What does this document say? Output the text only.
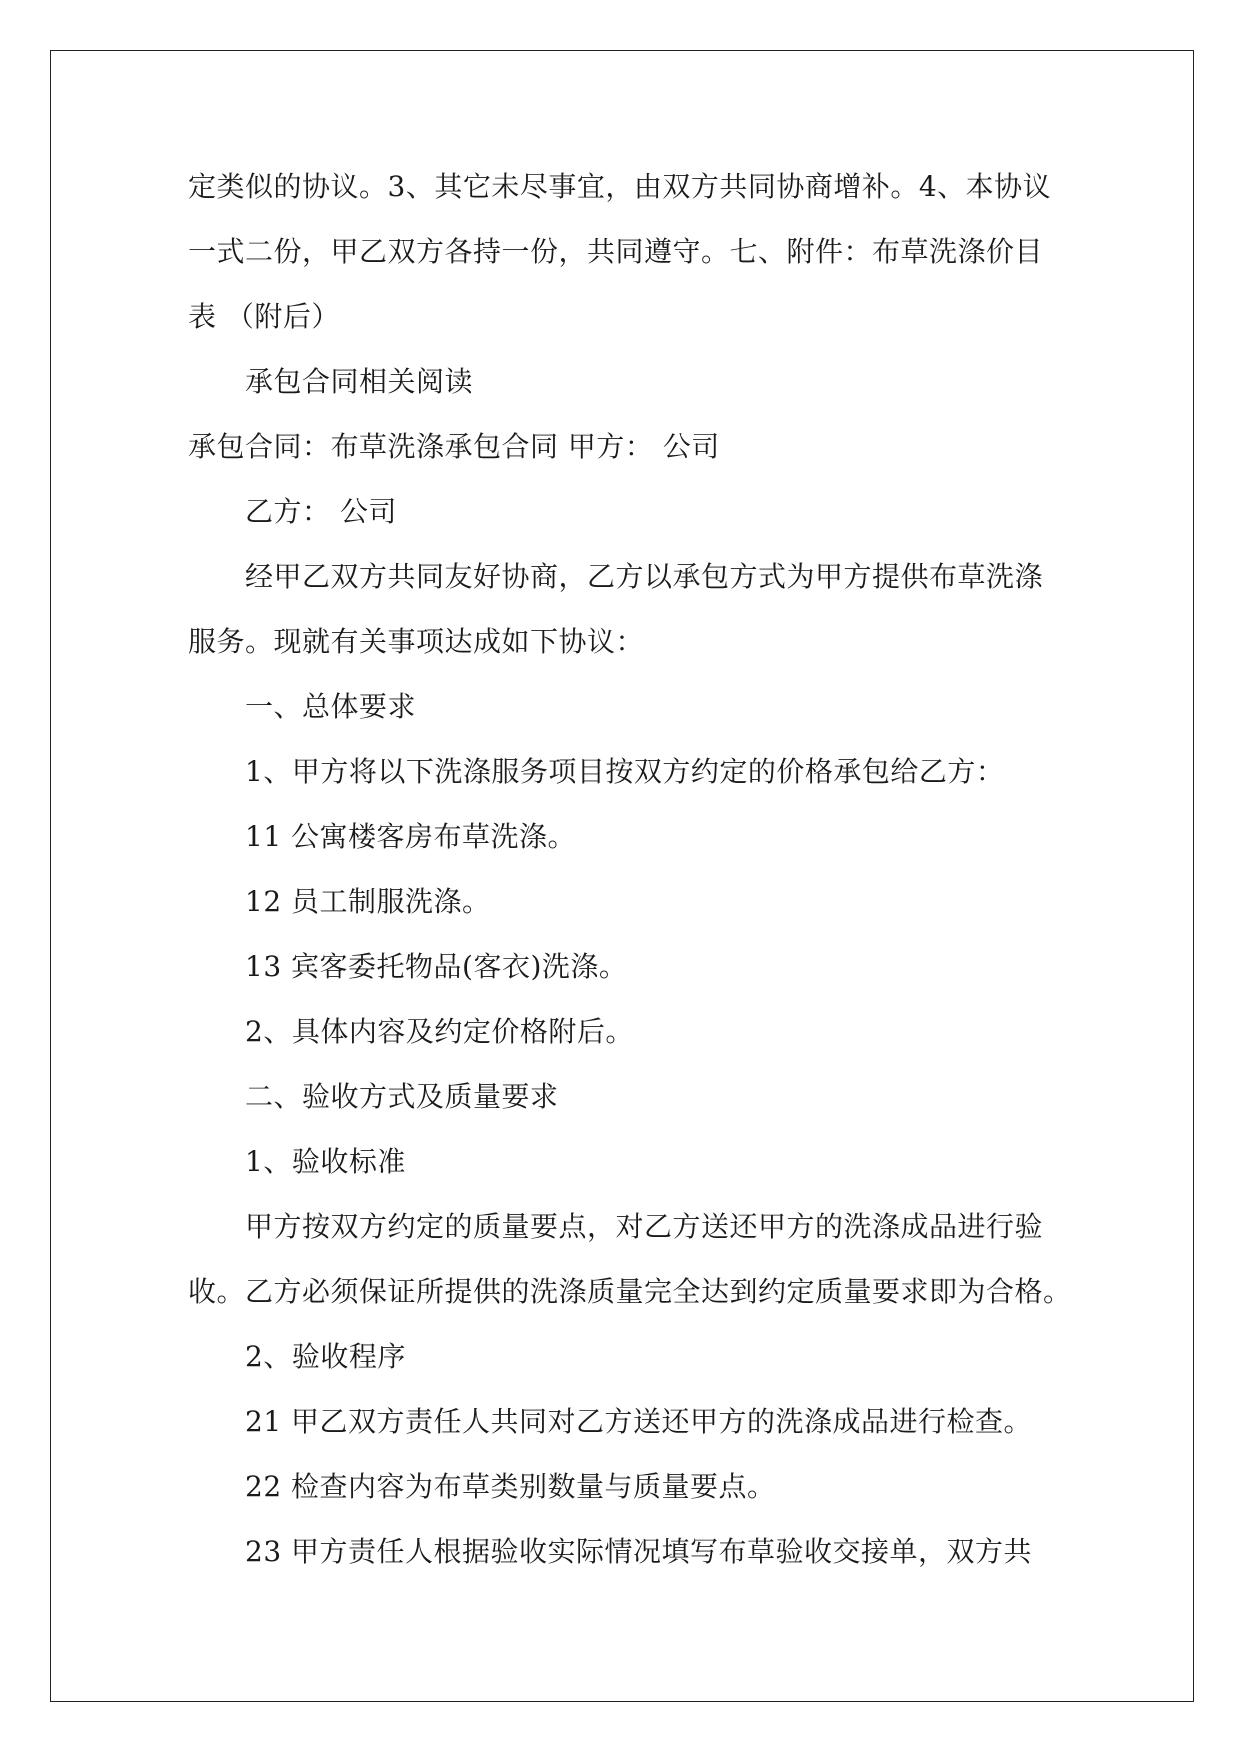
定类似的协议。3、其它未尽事宜，由双方共同协商增补。4、本协议
一式二份，甲乙双方各持一份，共同遵守。七、附件：布草洗涤价目
表 （附后）
承包合同相关阅读
承包合同：布草洗涤承包合同 甲方： 公司
乙方： 公司
经甲乙双方共同友好协商，乙方以承包方式为甲方提供布草洗涤
服务。现就有关事项达成如下协议：
一、总体要求
1、甲方将以下洗涤服务项目按双方约定的价格承包给乙方：
11 公寓楼客房布草洗涤。
12 员工制服洗涤。
13 宾客委托物品(客衣)洗涤。
2、具体内容及约定价格附后。
二、验收方式及质量要求
1、验收标准
甲方按双方约定的质量要点，对乙方送还甲方的洗涤成品进行验
收。乙方必须保证所提供的洗涤质量完全达到约定质量要求即为合格。
2、验收程序
21 甲乙双方责任人共同对乙方送还甲方的洗涤成品进行检查。
22 检查内容为布草类别数量与质量要点。
23 甲方责任人根据验收实际情况填写布草验收交接单，双方共
